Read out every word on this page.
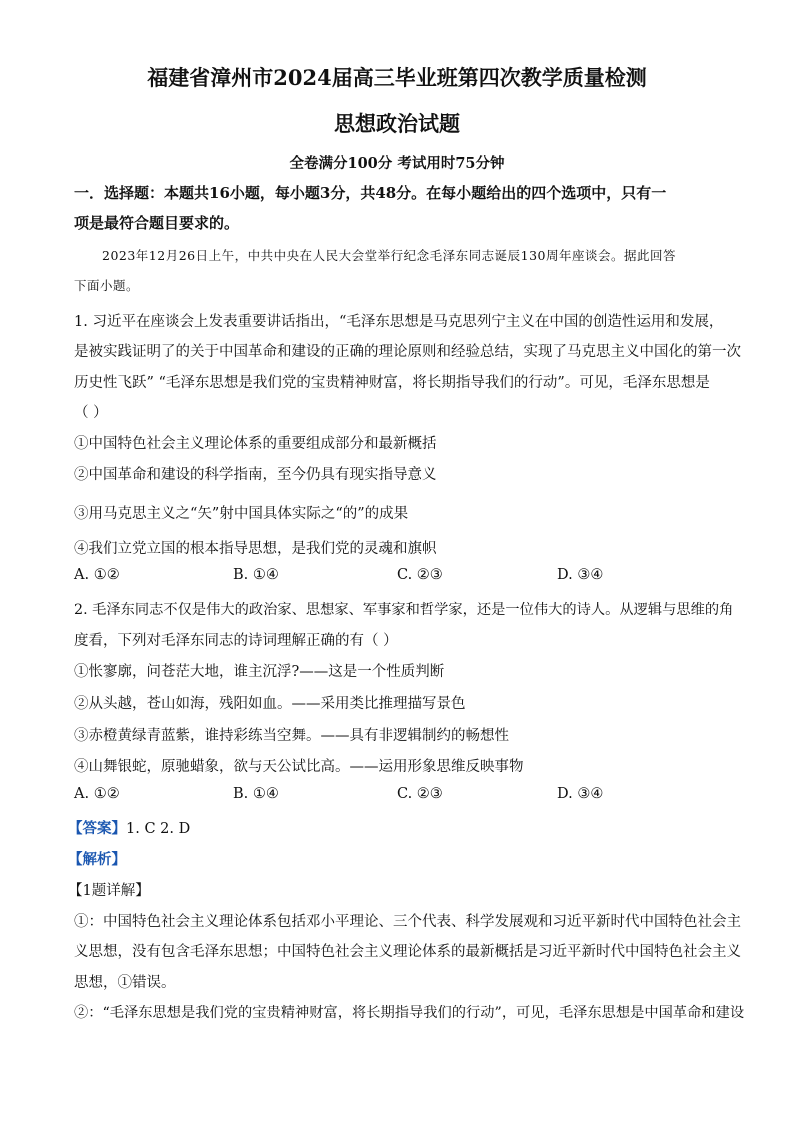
福建省漳州市2024届高三毕业班第四次教学质量检测
思想政治试题
全卷满分100分 考试用时75分钟
一．选择题：本题共16小题，每小题3分，共48分。在每小题给出的四个选项中，只有一
项是最符合题目要求的。
2023年12月26日上午，中共中央在人民大会堂举行纪念毛泽东同志诞辰130周年座谈会。据此回答
下面小题。
1. 习近平在座谈会上发表重要讲话指出，“毛泽东思想是马克思列宁主义在中国的创造性运用和发展，
是被实践证明了的关于中国革命和建设的正确的理论原则和经验总结，实现了马克思主义中国化的第一次
历史性飞跃” “毛泽东思想是我们党的宝贵精神财富，将长期指导我们的行动”。可见，毛泽东思想是
（ ）
①中国特色社会主义理论体系的重要组成部分和最新概括
②中国革命和建设的科学指南，至今仍具有现实指导意义
③用马克思主义之“矢”射中国具体实际之“的”的成果
④我们立党立国的根本指导思想，是我们党的灵魂和旗帜
A. ①②	B. ①④	C. ②③	D. ③④
2. 毛泽东同志不仅是伟大的政治家、思想家、军事家和哲学家，还是一位伟大的诗人。从逻辑与思维的角
度看，下列对毛泽东同志的诗词理解正确的有（ ）
①怅寥廓，问苍茫大地，谁主沉浮?——这是一个性质判断
②从头越，苍山如海，残阳如血。——采用类比推理描写景色
③赤橙黄绿青蓝紫，谁持彩练当空舞。——具有非逻辑制约的畅想性
④山舞银蛇，原驰蜡象，欲与天公试比高。——运用形象思维反映事物
A. ①②	B. ①④	C. ②③	D. ③④
【答案】1. C 2. D
【解析】
【1题详解】
①：中国特色社会主义理论体系包括邓小平理论、三个代表、科学发展观和习近平新时代中国特色社会主
义思想，没有包含毛泽东思想；中国特色社会主义理论体系的最新概括是习近平新时代中国特色社会主义
思想，①错误。
②：“毛泽东思想是我们党的宝贵精神财富，将长期指导我们的行动”，可见，毛泽东思想是中国革命和建设
